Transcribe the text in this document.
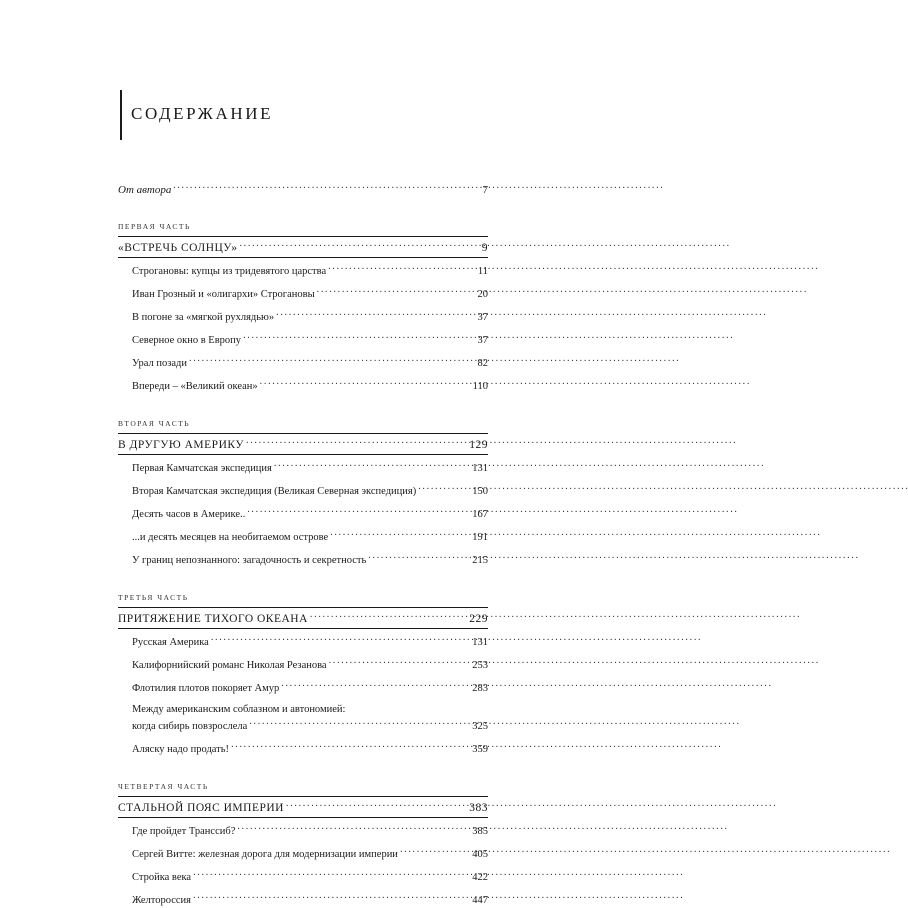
СОДЕРЖАНИЕ
От автора . . .	7
ПЕРВАЯ ЧАСТЬ
«ВСТРЕЧЬ СОЛНЦУ» . . .	9
Строгановы: купцы из тридевятого царства . . .	11
Иван Грозный и «олигархи» Строгановы . . .	20
В погоне за «мягкой рухлядью» . . .	37
Северное окно в Европу . . .	37
Урал позади . . .	82
Впереди – «Великий океан» . . .	110
ВТОРАЯ ЧАСТЬ
В ДРУГУЮ АМЕРИКУ . . .	129
Первая Камчатская экспедиция . . .	131
Вторая Камчатская экспедиция (Великая Северная экспедиция) . . .	150
Десять часов в Америке.. . . .	167
...и десять месяцев на необитаемом острове . . .	191
У границ непознанного: загадочность и секретность . . .	215
ТРЕТЬЯ ЧАСТЬ
ПРИТЯЖЕНИЕ ТИХОГО ОКЕАНА . . .	229
Русская Америка . . .	131
Калифорнийский романс Николая Резанова . . .	253
Флотилия плотов покоряет Амур . . .	283
Между американским соблазном и автономией:
когда сибирь повзрослела . . .	325
Аляску надо продать! . . .	359
ЧЕТВЕРТАЯ ЧАСТЬ
СТАЛЬНОЙ ПОЯС ИМПЕРИИ . . .	383
Где пройдет Транссиб? . . .	385
Сергей Витте: железная дорога для модернизации империи . . .	405
Стройка века . . .	422
Желтороссия . . .	447
